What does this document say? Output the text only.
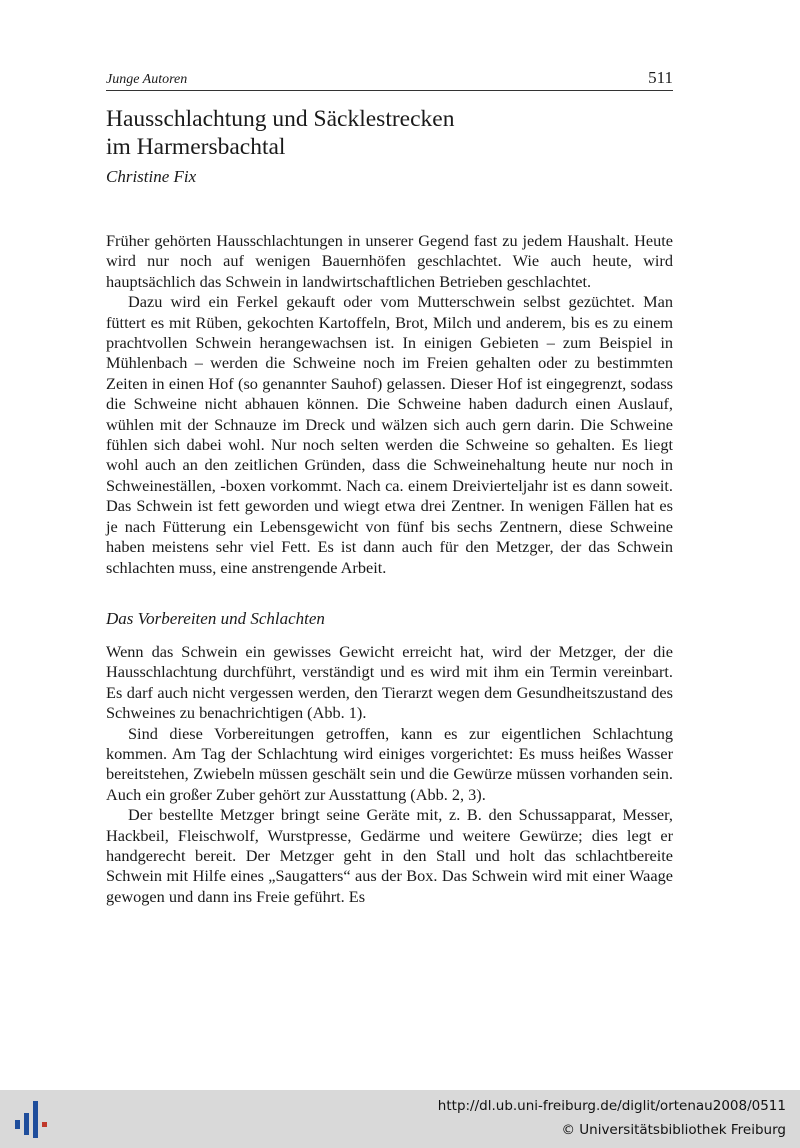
Junge Autoren	511
Hausschlachtung und Säcklestrecken
im Harmersbachtal
Christine Fix

Früher gehörten Hausschlachtungen in unserer Gegend fast zu jedem Haushalt. Heute wird nur noch auf wenigen Bauernhöfen geschlachtet. Wie auch heute, wird hauptsächlich das Schwein in landwirtschaftlichen Betrieben geschlachtet.

Dazu wird ein Ferkel gekauft oder vom Mutterschwein selbst gezüchtet. Man füttert es mit Rüben, gekochten Kartoffeln, Brot, Milch und anderem, bis es zu einem prachtvollen Schwein herangewachsen ist. In einigen Gebieten – zum Beispiel in Mühlenbach – werden die Schweine noch im Freien gehalten oder zu bestimmten Zeiten in einen Hof (so genannter Sauhof) gelassen. Dieser Hof ist eingegrenzt, sodass die Schweine nicht abhauen können. Die Schweine haben dadurch einen Auslauf, wühlen mit der Schnauze im Dreck und wälzen sich auch gern darin. Die Schweine fühlen sich dabei wohl. Nur noch selten werden die Schweine so gehalten. Es liegt wohl auch an den zeitlichen Gründen, dass die Schweinehaltung heute nur noch in Schweineställen, -boxen vorkommt. Nach ca. einem Dreivierteljahr ist es dann soweit. Das Schwein ist fett geworden und wiegt etwa drei Zentner. In wenigen Fällen hat es je nach Fütterung ein Lebensgewicht von fünf bis sechs Zentnern, diese Schweine haben meistens sehr viel Fett. Es ist dann auch für den Metzger, der das Schwein schlachten muss, eine anstrengende Arbeit.

Das Vorbereiten und Schlachten

Wenn das Schwein ein gewisses Gewicht erreicht hat, wird der Metzger, der die Hausschlachtung durchführt, verständigt und es wird mit ihm ein Termin vereinbart. Es darf auch nicht vergessen werden, den Tierarzt wegen dem Gesundheitszustand des Schweines zu benachrichtigen (Abb. 1).

Sind diese Vorbereitungen getroffen, kann es zur eigentlichen Schlachtung kommen. Am Tag der Schlachtung wird einiges vorgerichtet: Es muss heißes Wasser bereitstehen, Zwiebeln müssen geschält sein und die Gewürze müssen vorhanden sein. Auch ein großer Zuber gehört zur Ausstattung (Abb. 2, 3).

Der bestellte Metzger bringt seine Geräte mit, z. B. den Schussapparat, Messer, Hackbeil, Fleischwolf, Wurstpresse, Gedärme und weitere Gewürze; dies legt er handgerecht bereit. Der Metzger geht in den Stall und holt das schlachtbereite Schwein mit Hilfe eines „Saugatters“ aus der Box. Das Schwein wird mit einer Waage gewogen und dann ins Freie geführt. Es

http://dl.ub.uni-freiburg.de/diglit/ortenau2008/0511
© Universitätsbibliothek Freiburg
